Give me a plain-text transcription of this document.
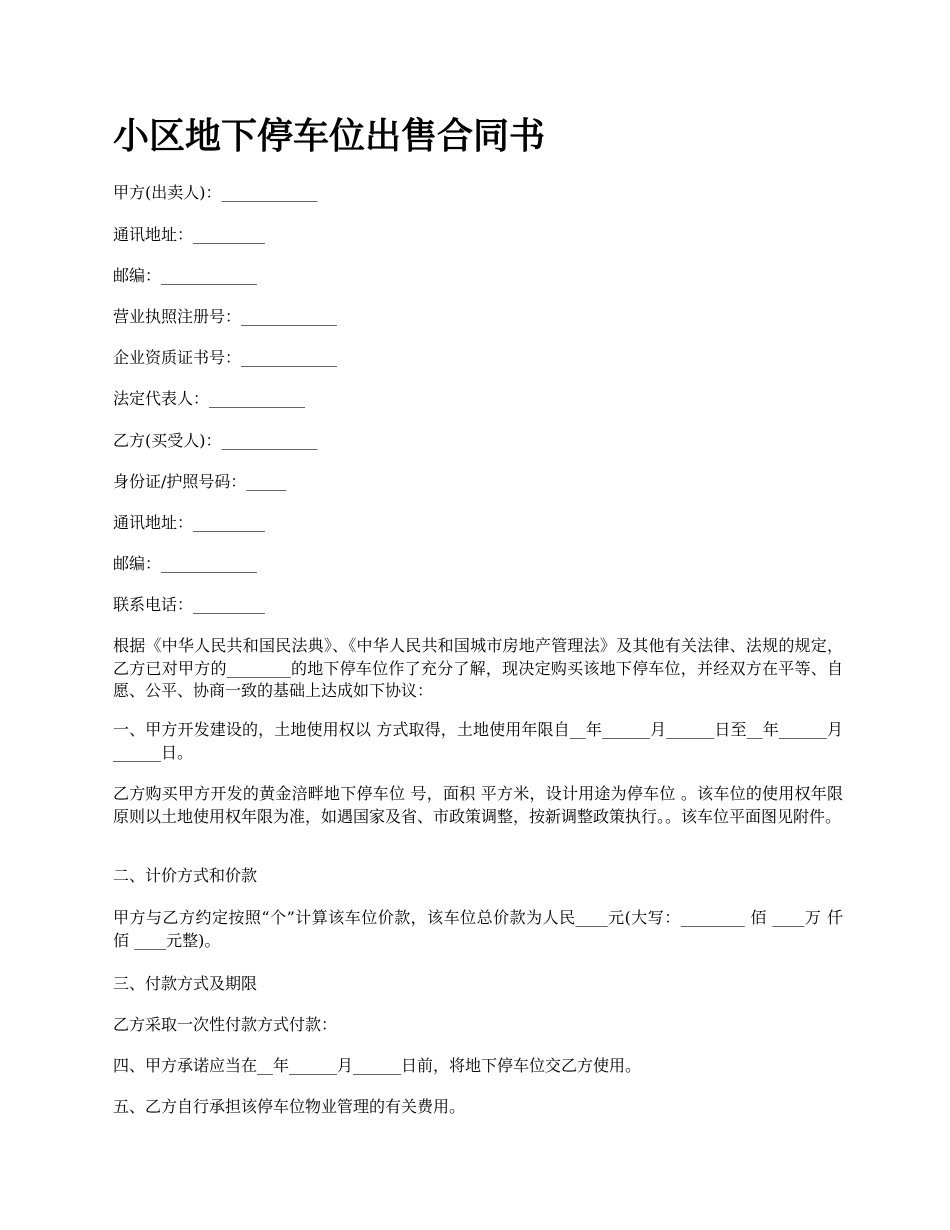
小区地下停车位出售合同书

甲方(出卖人)：____________

通讯地址：_________

邮编：____________

营业执照注册号：____________

企业资质证书号：____________

法定代表人：____________

乙方(买受人)：____________

身份证/护照号码：_____

通讯地址：_________

邮编：____________

联系电话：_________

根据《中华人民共和国民法典》、《中华人民共和国城市房地产管理法》及其他有关法律、法规的规定，乙方已对甲方的________的地下停车位作了充分了解，现决定购买该地下停车位，并经双方在平等、自愿、公平、协商一致的基础上达成如下协议：

一、甲方开发建设的，土地使用权以 方式取得，土地使用年限自__年______月______日至__年______月______日。

乙方购买甲方开发的黄金涪畔地下停车位 号，面积 平方米，设计用途为停车位 。该车位的使用权年限原则以土地使用权年限为准，如遇国家及省、市政策调整，按新调整政策执行。。该车位平面图见附件。

二、计价方式和价款

甲方与乙方约定按照“个”计算该车位价款，该车位总价款为人民____元(大写：________ 佰 ____万 仟 佰 ____元整)。

三、付款方式及期限

乙方采取一次性付款方式付款：

四、甲方承诺应当在__年______月______日前，将地下停车位交乙方使用。

五、乙方自行承担该停车位物业管理的有关费用。
